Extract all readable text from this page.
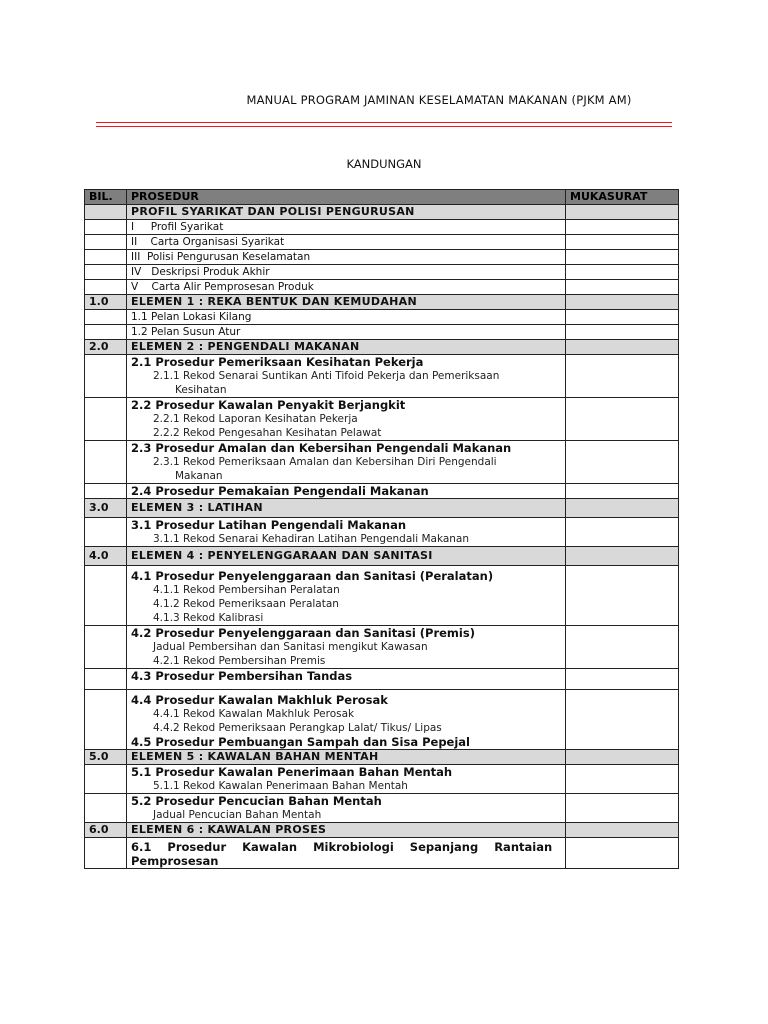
MANUAL PROGRAM JAMINAN KESELAMATAN MAKANAN (PJKM AM)
KANDUNGAN
BIL.	PROSEDUR	MUKASURAT
	PROFIL SYARIKAT DAN POLISI PENGURUSAN	

	I     Profil Syarikat	

	II    Carta Organisasi Syarikat	

	III  Polisi Pengurusan Keselamatan	

	IV   Deskripsi Produk Akhir	

	V    Carta Alir Pemprosesan Produk	

1.0	ELEMEN 1 : REKA BENTUK DAN KEMUDAHAN	

	1.1 Pelan Lokasi Kilang	

	1.2 Pelan Susun Atur	

2.0	ELEMEN 2 : PENGENDALI MAKANAN	

	2.1 Prosedur Pemeriksaan Kesihatan Pekerja
2.1.1 Rekod Senarai Suntikan Anti Tifoid Pekerja dan Pemeriksaan
Kesihatan	

	2.2 Prosedur Kawalan Penyakit Berjangkit
2.2.1 Rekod Laporan Kesihatan Pekerja
2.2.2 Rekod Pengesahan Kesihatan Pelawat	

	2.3 Prosedur Amalan dan Kebersihan Pengendali Makanan
2.3.1 Rekod Pemeriksaan Amalan dan Kebersihan Diri Pengendali
Makanan	

	2.4 Prosedur Pemakaian Pengendali Makanan	

3.0	ELEMEN 3 : LATIHAN	

	3.1 Prosedur Latihan Pengendali Makanan
3.1.1 Rekod Senarai Kehadiran Latihan Pengendali Makanan	

4.0	ELEMEN 4 : PENYELENGGARAAN DAN SANITASI	

	4.1 Prosedur Penyelenggaraan dan Sanitasi (Peralatan)
4.1.1 Rekod Pembersihan Peralatan
4.1.2 Rekod Pemeriksaan Peralatan
4.1.3 Rekod Kalibrasi	

	4.2 Prosedur Penyelenggaraan dan Sanitasi (Premis)
Jadual Pembersihan dan Sanitasi mengikut Kawasan
4.2.1 Rekod Pembersihan Premis	

	4.3 Prosedur Pembersihan Tandas	

	4.4 Prosedur Kawalan Makhluk Perosak
4.4.1 Rekod Kawalan Makhluk Perosak
4.4.2 Rekod Pemeriksaan Perangkap Lalat/ Tikus/ Lipas
4.5 Prosedur Pembuangan Sampah dan Sisa Pepejal	

5.0	ELEMEN 5 : KAWALAN BAHAN MENTAH	

	5.1 Prosedur Kawalan Penerimaan Bahan Mentah
5.1.1 Rekod Kawalan Penerimaan Bahan Mentah	

	5.2 Prosedur Pencucian Bahan Mentah
Jadual Pencucian Bahan Mentah	

6.0	ELEMEN 6 : KAWALAN PROSES	

	6.1    Prosedur    Kawalan    Mikrobiologi    Sepanjang    Rantaian
Pemprosesan	
